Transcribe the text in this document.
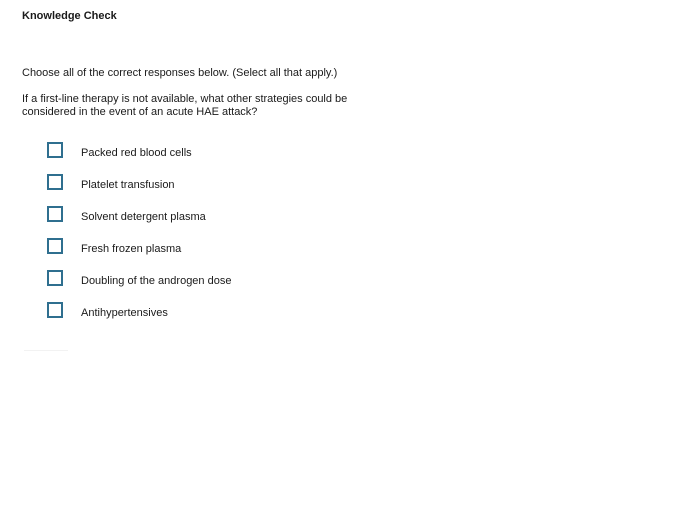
Knowledge Check
Choose all of the correct responses below. (Select all that apply.)
If a first-line therapy is not available, what other strategies could be considered in the event of an acute HAE attack?
Packed red blood cells
Platelet transfusion
Solvent detergent plasma
Fresh frozen plasma
Doubling of the androgen dose
Antihypertensives
